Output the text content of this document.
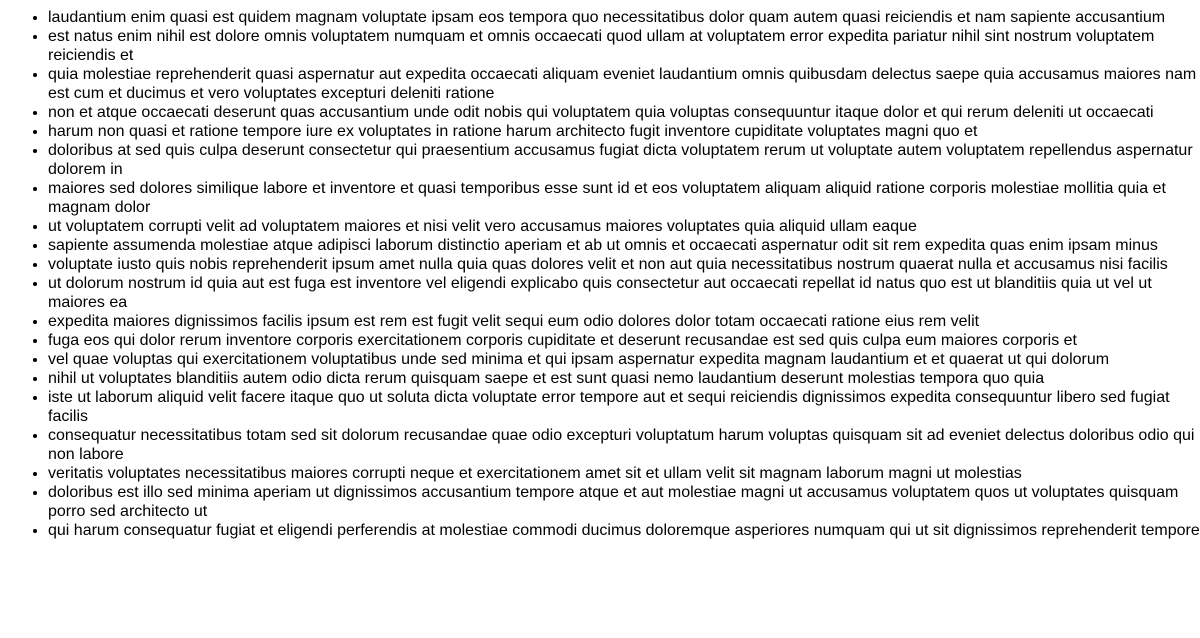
• laudantium enim quasi est quidem magnam voluptate ipsam eos tempora quo necessitatibus dolor quam autem quasi reiciendis et nam sapiente accusantium
• est natus enim nihil est dolore omnis voluptatem numquam et omnis occaecati quod ullam at voluptatem error expedita pariatur nihil sint nostrum voluptatem reiciendis et
• quia molestiae reprehenderit quasi aspernatur aut expedita occaecati aliquam eveniet laudantium omnis quibusdam delectus saepe quia accusamus maiores nam est cum et ducimus et vero voluptates excepturi deleniti ratione
• non et atque occaecati deserunt quas accusantium unde odit nobis qui voluptatem quia voluptas consequuntur itaque dolor et qui rerum deleniti ut occaecati
• harum non quasi et ratione tempore iure ex voluptates in ratione harum architecto fugit inventore cupiditate voluptates magni quo et
• doloribus at sed quis culpa deserunt consectetur qui praesentium accusamus fugiat dicta voluptatem rerum ut voluptate autem voluptatem repellendus aspernatur dolorem in
• maiores sed dolores similique labore et inventore et quasi temporibus esse sunt id et eos voluptatem aliquam aliquid ratione corporis molestiae mollitia quia et magnam dolor
• ut voluptatem corrupti velit ad voluptatem maiores et nisi velit vero accusamus maiores voluptates quia aliquid ullam eaque
• sapiente assumenda molestiae atque adipisci laborum distinctio aperiam et ab ut omnis et occaecati aspernatur odit sit rem expedita quas enim ipsam minus
• voluptate iusto quis nobis reprehenderit ipsum amet nulla quia quas dolores velit et non aut quia necessitatibus nostrum quaerat nulla et accusamus nisi facilis
• ut dolorum nostrum id quia aut est fuga est inventore vel eligendi explicabo quis consectetur aut occaecati repellat id natus quo est ut blanditiis quia ut vel ut maiores ea
• expedita maiores dignissimos facilis ipsum est rem est fugit velit sequi eum odio dolores dolor totam occaecati ratione eius rem velit
• fuga eos qui dolor rerum inventore corporis exercitationem corporis cupiditate et deserunt recusandae est sed quis culpa eum maiores corporis et
• vel quae voluptas qui exercitationem voluptatibus unde sed minima et qui ipsam aspernatur expedita magnam laudantium et et quaerat ut qui dolorum
• nihil ut voluptates blanditiis autem odio dicta rerum quisquam saepe et est sunt quasi nemo laudantium deserunt molestias tempora quo quia
• iste ut laborum aliquid velit facere itaque quo ut soluta dicta voluptate error tempore aut et sequi reiciendis dignissimos expedita consequuntur libero sed fugiat facilis
• consequatur necessitatibus totam sed sit dolorum recusandae quae odio excepturi voluptatum harum voluptas quisquam sit ad eveniet delectus doloribus odio qui non labore
• veritatis voluptates necessitatibus maiores corrupti neque et exercitationem amet sit et ullam velit sit magnam laborum magni ut molestias
• doloribus est illo sed minima aperiam ut dignissimos accusantium tempore atque et aut molestiae magni ut accusamus voluptatem quos ut voluptates quisquam porro sed architecto ut
• qui harum consequatur fugiat et eligendi perferendis at molestiae commodi ducimus doloremque asperiores numquam qui ut sit dignissimos reprehenderit tempore
